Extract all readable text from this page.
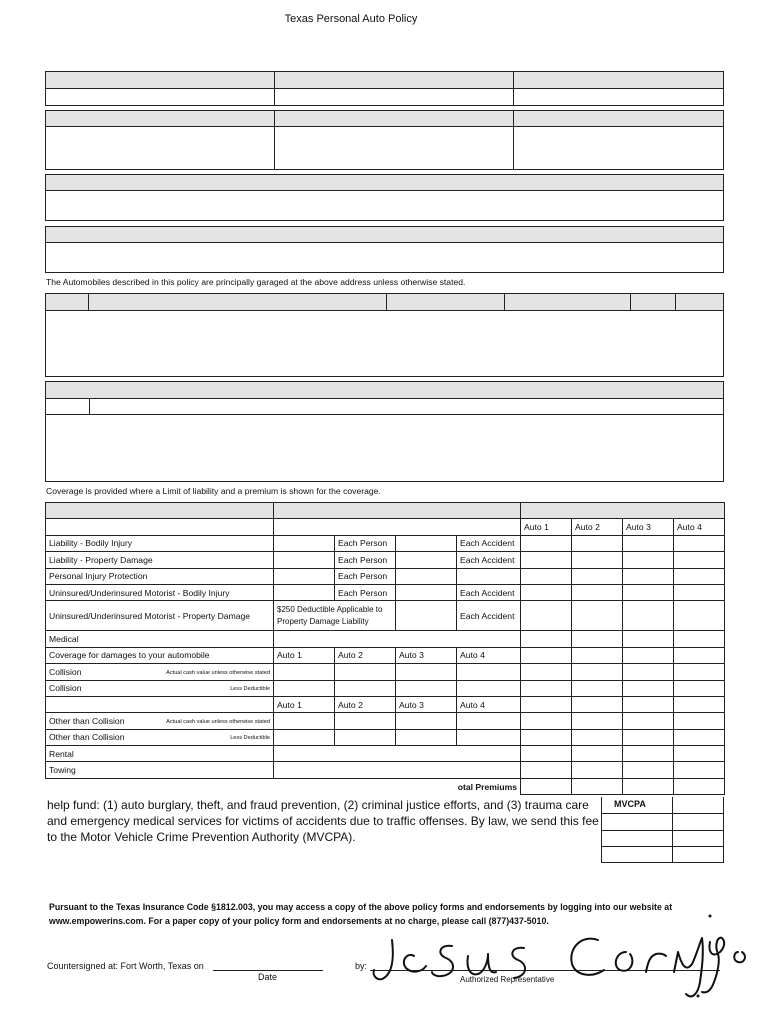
Texas Personal Auto Policy
The Automobiles described in this policy are principally garaged at the above address unless otherwise stated.
Coverage is provided where a Limit of liability and a premium is shown for the coverage.

					Auto 1	Auto 2	Auto 3	Auto 4
Liability - Bodily Injury		Each Person		Each Accident				
Liability - Property Damage		Each Person		Each Accident				
Personal Injury Protection		Each Person						
Uninsured/Underinsured Motorist - Bodily Injury		Each Person		Each Accident				
Uninsured/Underinsured Motorist - Property Damage	$250 Deductible Applicable to Property Damage Liability			Each Accident				
Medical								
Coverage for damages to your automobile	Auto 1	Auto 2	Auto 3	Auto 4				
Collision Actual cash value unless otherwise stated								

Collision Less Deductible								

	Auto 1	Auto 2	Auto 3	Auto 4				
Other than Collision Actual cash value unless otherwise stated								

Other than Collision Less Deductible								

Rental								
Towing								
	otal Premiums							
help fund: (1) auto burglary, theft, and fraud prevention, (2) criminal justice efforts, and (3) trauma care and emergency medical services for victims of accidents due to traffic offenses. By law, we send this fee to the Motor Vehicle Crime Prevention Authority (MVCPA).
MVCPA
Pursuant to the Texas Insurance Code §1812.003, you may access a copy of the above policy forms and endorsements by logging into our website at www.empowerins.com. For a paper copy of your policy form and endorsements at no charge, please call (877)437-5010.
Countersigned at: Fort Worth, Texas on
Date
by:
Authorized Representative
